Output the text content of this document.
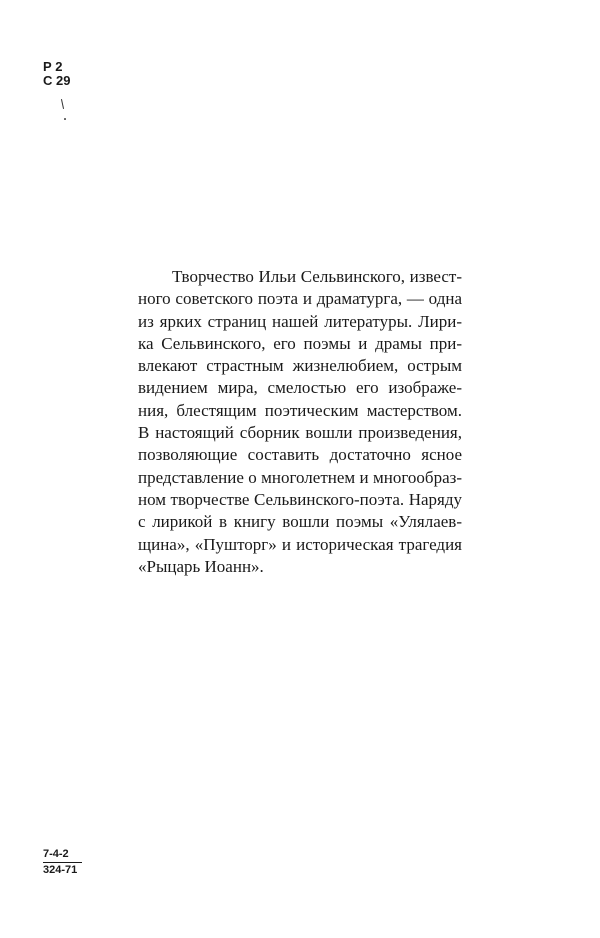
Р 2
С 29
Творчество Ильи Сельвинского, извест-
ного советского поэта и драматурга, — одна
из ярких страниц нашей литературы. Лири-
ка Сельвинского, его поэмы и драмы при-
влекают страстным жизнелюбием, острым
видением мира, смелостью его изображе-
ния, блестящим поэтическим мастерством.
В настоящий сборник вошли произведения,
позволяющие составить достаточно ясное
представление о многолетнем и многообраз-
ном творчестве Сельвинского-поэта. Наряду
с лирикой в книгу вошли поэмы «Улялаев-
щина», «Пушторг» и историческая трагедия
«Рыцарь Иоанн».
$\frac{7-4-2}{324-71}$
